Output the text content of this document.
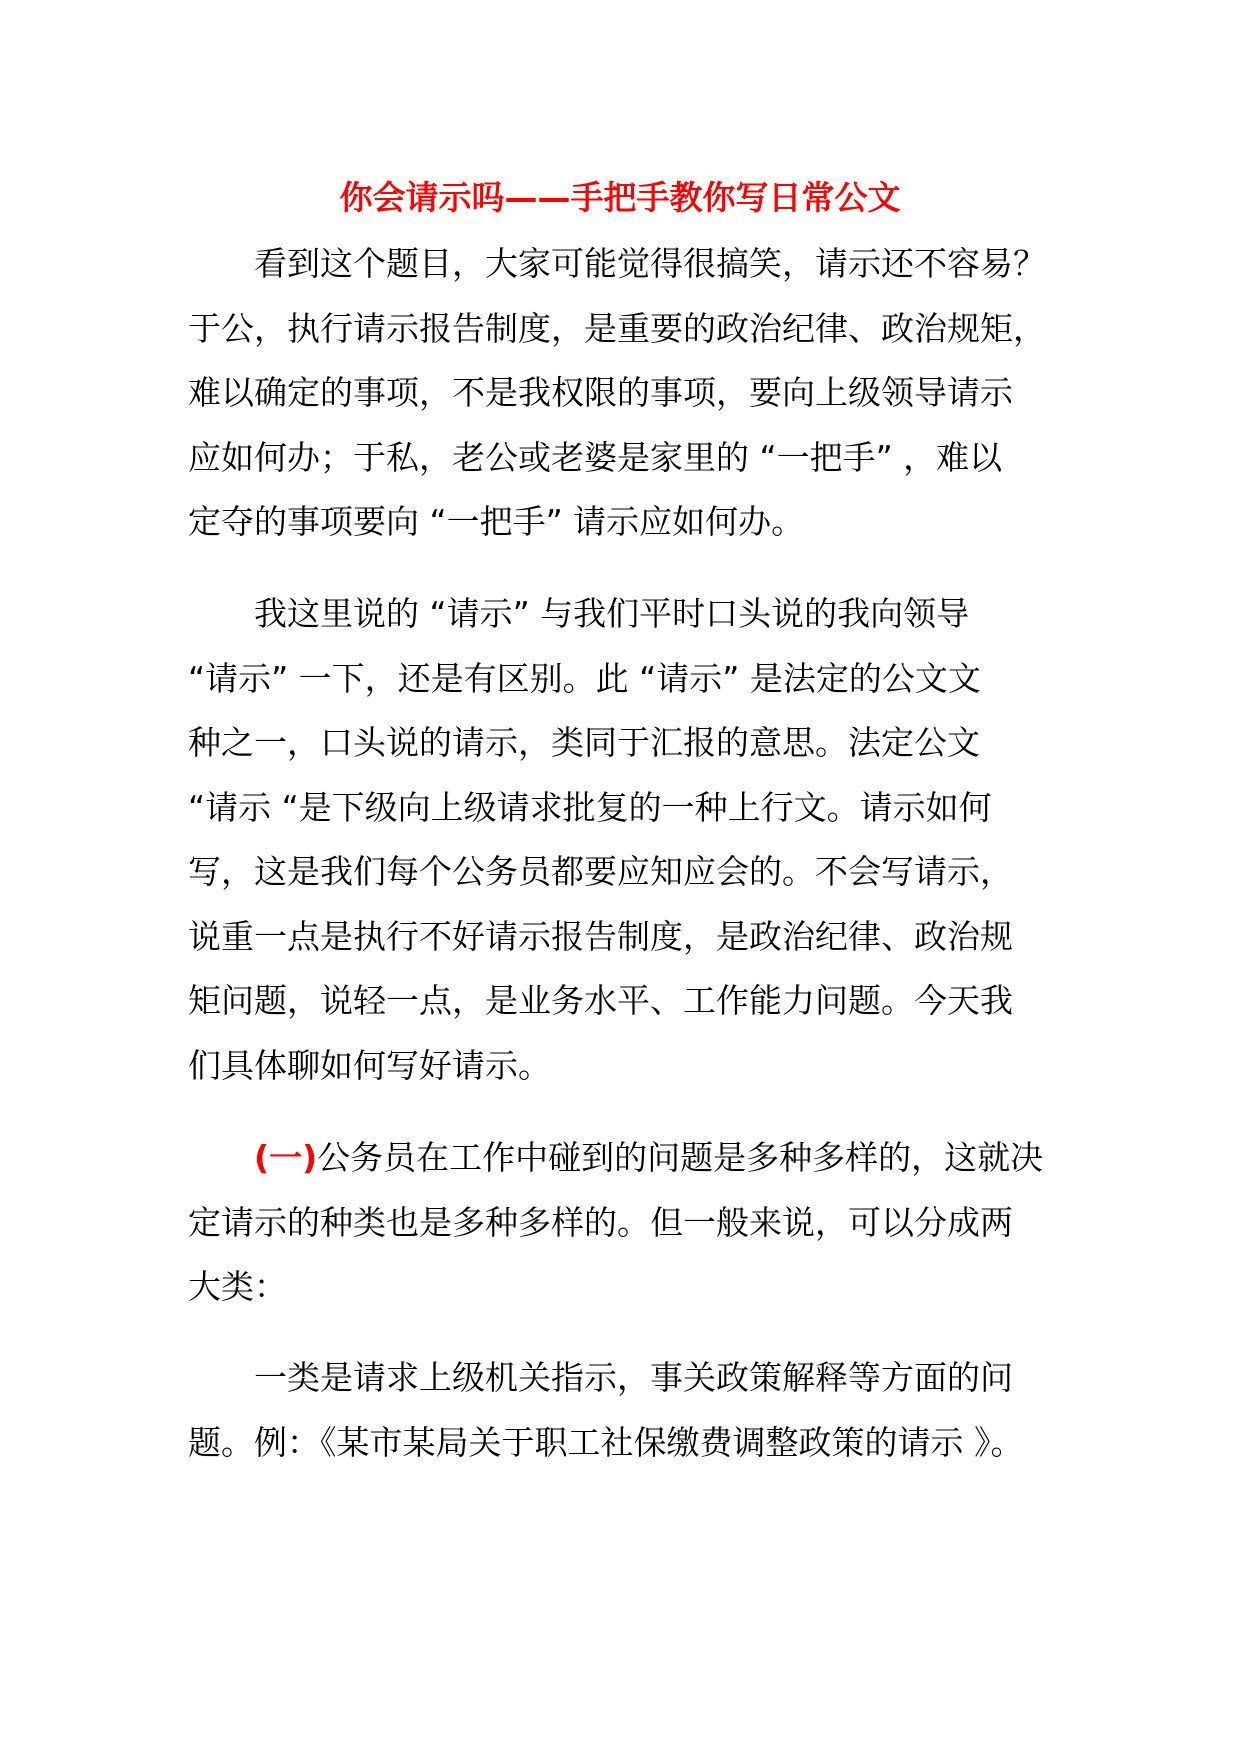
你会请示吗——手把手教你写日常公文
看到这个题目，大家可能觉得很搞笑，请示还不容易？
于公，执行请示报告制度，是重要的政治纪律、政治规矩，
难以确定的事项，不是我权限的事项，要向上级领导请示
应如何办；于私，老公或老婆是家里的 “一把手” ，难以
定夺的事项要向 “一把手” 请示应如何办。
我这里说的 “请示” 与我们平时口头说的我向领导
“请示” 一下，还是有区别。此 “请示” 是法定的公文文
种之一，口头说的请示，类同于汇报的意思。法定公文
“请示 “是下级向上级请求批复的一种上行文。请示如何
写，这是我们每个公务员都要应知应会的。不会写请示，
说重一点是执行不好请示报告制度，是政治纪律、政治规
矩问题，说轻一点，是业务水平、工作能力问题。今天我
们具体聊如何写好请示。
(一)公务员在工作中碰到的问题是多种多样的，这就决
定请示的种类也是多种多样的。但一般来说，可以分成两
大类：
一类是请求上级机关指示，事关政策解释等方面的问
题。例：《某市某局关于职工社保缴费调整政策的请示 》。
